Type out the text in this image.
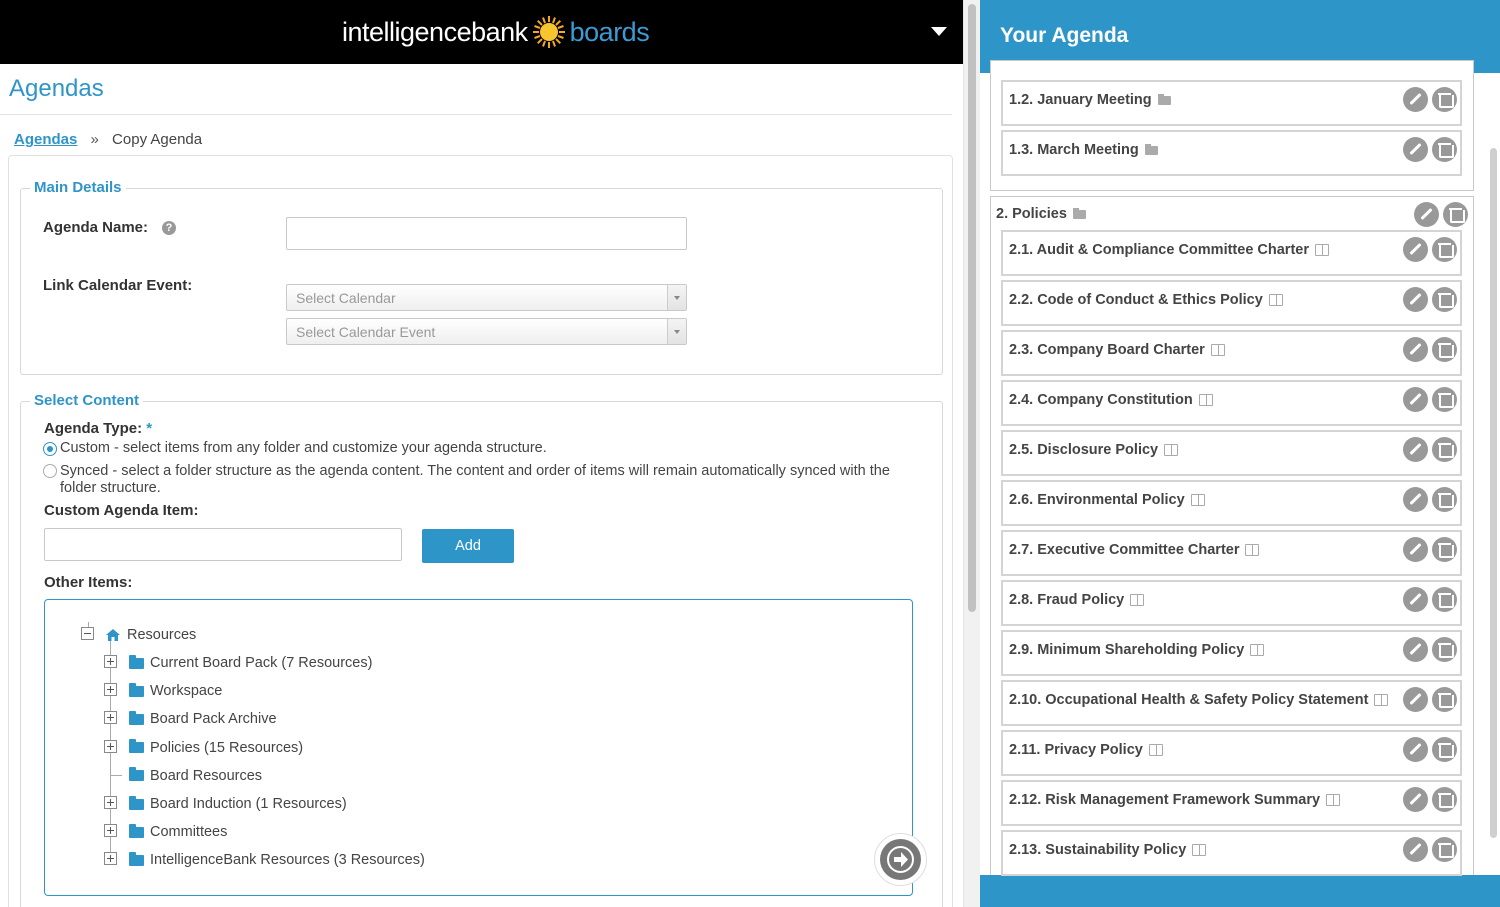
intelligencebank boards
Agendas
Agendas » Copy Agenda
Main Details
Agenda Name: ?
Link Calendar Event:
Select Calendar
Select Calendar Event
Select Content
Agenda Type: *
Custom - select items from any folder and customize your agenda structure.
Synced - select a folder structure as the agenda content. The content and order of items will remain automatically synced with the
folder structure.
Custom Agenda Item:
Add
Other Items:
Resources
Current Board Pack (7 Resources)
Workspace
Board Pack Archive
Policies (15 Resources)
Board Resources
Board Induction (1 Resources)
Committees
IntelligenceBank Resources (3 Resources)
Your Agenda
2. Policies
1.2. January Meeting
1.3. March Meeting
2.1. Audit & Compliance Committee Charter
2.2. Code of Conduct & Ethics Policy
2.3. Company Board Charter
2.4. Company Constitution
2.5. Disclosure Policy
2.6. Environmental Policy
2.7. Executive Committee Charter
2.8. Fraud Policy
2.9. Minimum Shareholding Policy
2.10. Occupational Health & Safety Policy Statement
2.11. Privacy Policy
2.12. Risk Management Framework Summary
2.13. Sustainability Policy
